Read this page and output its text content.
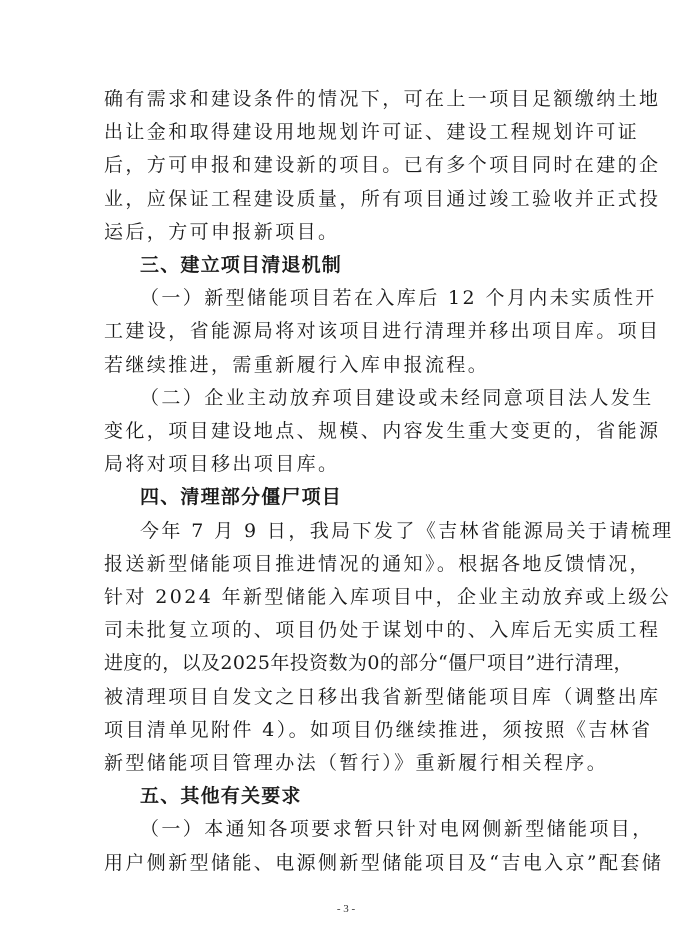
确有需求和建设条件的情况下，可在上一项目足额缴纳土地
出让金和取得建设用地规划许可证、建设工程规划许可证
后，方可申报和建设新的项目。已有多个项目同时在建的企
业，应保证工程建设质量，所有项目通过竣工验收并正式投
运后，方可申报新项目。
三、建立项目清退机制
（一）新型储能项目若在入库后 12 个月内未实质性开
工建设，省能源局将对该项目进行清理并移出项目库。项目
若继续推进，需重新履行入库申报流程。
（二）企业主动放弃项目建设或未经同意项目法人发生
变化，项目建设地点、规模、内容发生重大变更的，省能源
局将对项目移出项目库。
四、清理部分僵尸项目
今年 7 月 9 日，我局下发了《吉林省能源局关于请梳理
报送新型储能项目推进情况的通知》。根据各地反馈情况，
针对 2024 年新型储能入库项目中，企业主动放弃或上级公
司未批复立项的、项目仍处于谋划中的、入库后无实质工程
进度的，以及2025年投资数为0的部分“僵尸项目”进行清理，
被清理项目自发文之日移出我省新型储能项目库（调整出库
项目清单见附件 4）。如项目仍继续推进，须按照《吉林省
新型储能项目管理办法（暂行）》重新履行相关程序。
五、其他有关要求
（一）本通知各项要求暂只针对电网侧新型储能项目，
用户侧新型储能、电源侧新型储能项目及“吉电入京”配套储
- 3 -
